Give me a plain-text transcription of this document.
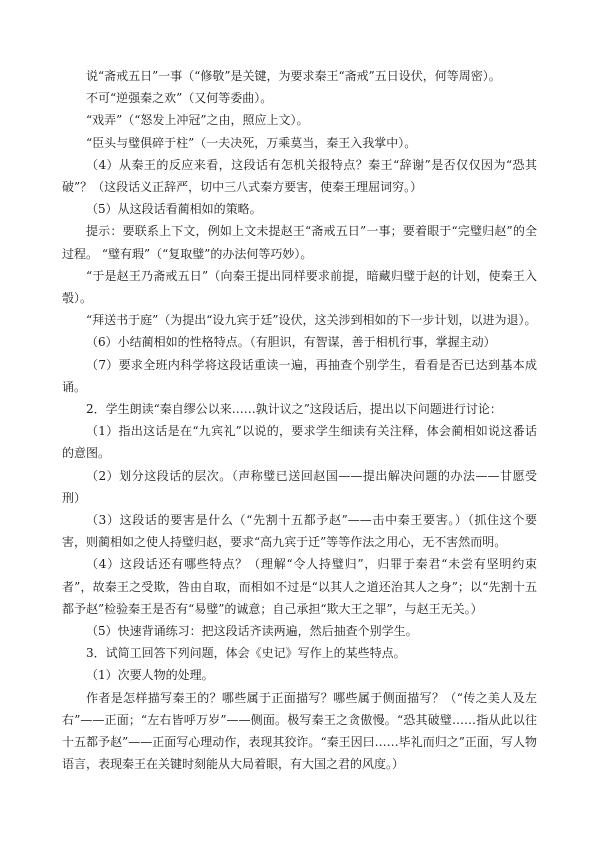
说“斋戒五日”一事（“修敬”是关键，为要求秦王“斋戒”五日设伏，何等周密）。

不可“逆强秦之欢”（又何等委曲）。

“戏弄”（“怒发上冲冠”之由，照应上文）。

“臣头与璧俱碎于柱”（一夫决死，万乘莫当，秦王入我掌中）。

（4）从秦王的反应来看，这段话有怎机关报特点？秦王“辞谢”是否仅仅因为“恐其破”？（这段话义正辞严，切中三八式秦方要害，使秦王理屈词穷。）

（5）从这段话看蔺相如的策略。

提示：要联系上下文，例如上文未提赵王“斋戒五日”一事；要着眼于“完璧归赵”的全过程。 “璧有瑕”（“复取璧”的办法何等巧妙）。

“于是赵王乃斋戒五日”（向秦王提出同样要求前提，暗藏归璧于赵的计划，使秦王入彀）。

“拜送书于庭”（为提出“设九宾于廷”设伏，这关涉到相如的下一步计划，以进为退）。

（6）小结蔺相如的性格特点。（有胆识，有智谋，善于相机行事，掌握主动）

（7）要求全班内科学将这段话重读一遍，再抽查个别学生，看看是否已达到基本成诵。

2．学生朗读“秦自缪公以来……孰计议之”这段话后，提出以下问题进行讨论：

（1）指出这话是在“九宾礼”以说的，要求学生细读有关注释，体会蔺相如说这番话的意图。

（2）划分这段话的层次。（声称璧已送回赵国——提出解决问题的办法——甘愿受刑）

（3）这段话的要害是什么（“先割十五都予赵”——击中秦王要害。）（抓住这个要害，则蔺相如之使人持璧归赵，要求“高九宾于迁”等等作法之用心，无不害然而明。

（4）这段话还有哪些特点？（理解“令人持璧归”，归罪于秦君“未尝有坚明约束者”，故秦王之受欺，咎由自取，而相如不过是“以其人之道还治其人之身”；以“先割十五都予赵”检验秦王是否有“易璧”的诚意；自己承担“欺大王之罪”，与赵王无关。）

（5）快速背诵练习：把这段话齐读两遍，然后抽查个别学生。

3．试简工回答下列问题，体会《史记》写作上的某些特点。

（1）次要人物的处理。

作者是怎样描写秦王的？哪些属于正面描写？哪些属于侧面描写？（“传之美人及左右”——正面；“左右皆呼万岁”——侧面。极写秦王之贪傲慢。“恐其破璧……指从此以往十五都予赵”——正面写心理动作，表现其狡诈。“秦王因曰……毕礼而归之”正面，写人物语言，表现秦王在关键时刻能从大局着眼，有大国之君的风度。）
